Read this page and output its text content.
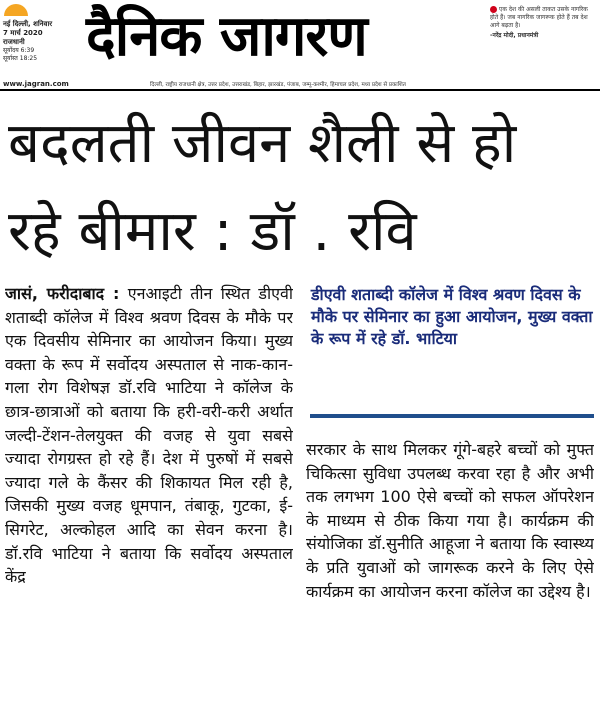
नई दिल्ली, शनिवार
7 मार्च 2020
राजधानी
सूर्योदय 6:39
सूर्यास्त 18:25 दैनिक जागरण	एक देश की असली ताकत उसके नागरिक होते हैं। जब नागरिक जागरूक होते हैं तब देश आगे बढ़ता है।
-नरेंद्र मोदी, प्रधानमंत्री
www.jagran.com	दिल्ली, राष्ट्रीय राजधानी क्षेत्र, उत्तर प्रदेश, उत्तराखंड, बिहार, झारखंड, पंजाब, जम्मू-कश्मीर, हिमाचल प्रदेश, मध्य प्रदेश से प्रकाशित
बदलती जीवन शैली से हो
रहे बीमार : डॉ . रवि
जासं, फरीदाबाद : एनआइटी तीन स्थित डीएवी शताब्दी कॉलेज में विश्व श्रवण दिवस के मौके पर एक दिवसीय सेमिनार का आयोजन किया। मुख्य वक्ता के रूप में सर्वोदय अस्पताल से नाक-कान-गला रोग विशेषज्ञ डॉ.रवि भाटिया ने कॉलेज के छात्र-छात्राओं को बताया कि हरी-वरी-करी अर्थात जल्दी-टेंशन-तेलयुक्त की वजह से युवा सबसे ज्यादा रोगग्रस्त हो रहे हैं। देश में पुरुषों में सबसे ज्यादा गले के कैंसर की शिकायत मिल रही है, जिसकी मुख्य वजह धूमपान, तंबाकू, गुटका, ई-सिगरेट, अल्कोहल आदि का सेवन करना है। डॉ.रवि भाटिया ने बताया कि सर्वोदय अस्पताल केंद्र
डीएवी शताब्दी कॉलेज में विश्व श्रवण दिवस के मौके पर सेमिनार का हुआ आयोजन, मुख्य वक्ता के रूप में रहे डॉ. भाटिया
सरकार के साथ मिलकर गूंगे-बहरे बच्चों को मुफ्त चिकित्सा सुविधा उपलब्ध करवा रहा है और अभी तक लगभग 100 ऐसे बच्चों को सफल ऑपरेशन के माध्यम से ठीक किया गया है। कार्यक्रम की संयोजिका डॉ.सुनीति आहूजा ने बताया कि स्वास्थ्य के प्रति युवाओं को जागरूक करने के लिए ऐसे कार्यक्रम का आयोजन करना कॉलेज का उद्देश्य है।
